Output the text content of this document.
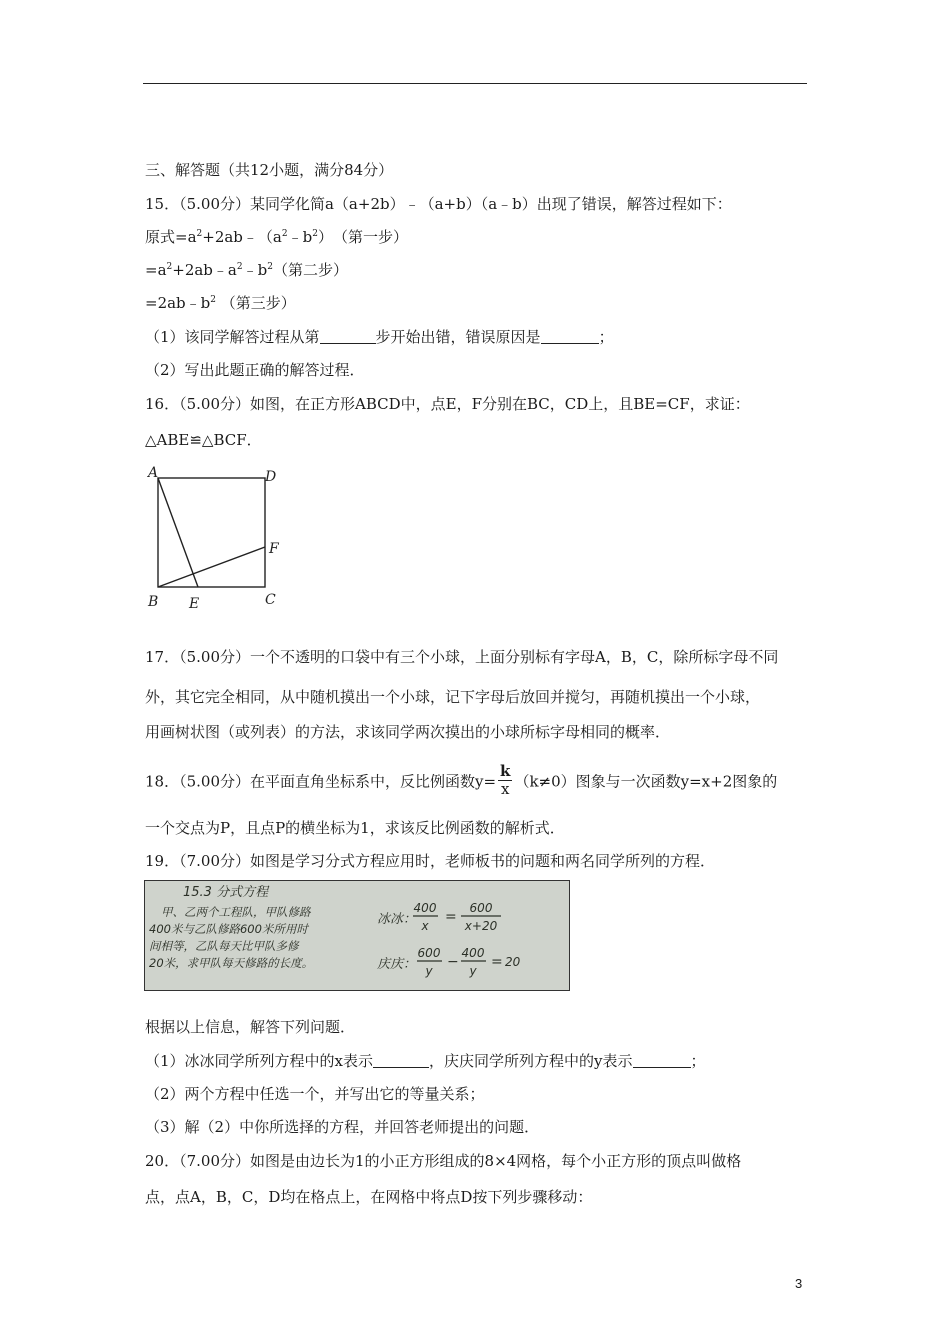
三、解答题（共12小题，满分84分）
15．（5.00分）某同学化简a（a+2b）﹣（a+b）（a﹣b）出现了错误，解答过程如下：
原式$=a^2+2ab﹣(a^2﹣b^2)$　（第一步）
$=a^2+2ab﹣a^2﹣b^2$（第二步）
$=2ab﹣b^2$ （第三步）
（1）该同学解答过程从第	步开始出错，错误原因是	；
（2）写出此题正确的解答过程．
16．（5.00分）如图，在正方形ABCD中，点E，F分别在BC，CD上，且BE=CF，求证：
△ABE≌△BCF．
A	D
F
B E	C
17．（5.00分）一个不透明的口袋中有三个小球，上面分别标有字母A，B，C，除所标字母不同
外，其它完全相同，从中随机摸出一个小球，记下字母后放回并搅匀，再随机摸出一个小球，
用画树状图（或列表）的方法，求该同学两次摸出的小球所标字母相同的概率．
18．（5.00分）在平面直角坐标系中，反比例函数$y= \frac{k}{x} (k\ne 0)$图象与一次函数y=x+2图象的
一个交点为P，且点P的横坐标为1，求该反比例函数的解析式．
19．（7.00分）如图是学习分式方程应用时，老师板书的问题和两名同学所列的方程．
15.3 分式方程
甲、乙两个工程队，甲队修路
400米与乙队修路600米所用时
间相等，乙队每天比甲队多修
20米，求甲队每天修路的长度。
冰冰：
400
x
=
600
x+20
庆庆：
600
y
−
400
y
= 20
根据以上信息，解答下列问题．
（1）冰冰同学所列方程中的x表示	，庆庆同学所列方程中的y表示	；
（2）两个方程中任选一个，并写出它的等量关系；
（3）解（2）中你所选择的方程，并回答老师提出的问题．
20．（7.00分）如图是由边长为1的小正方形组成的8×4网格，每个小正方形的顶点叫做格
点，点A，B，C，D均在格点上，在网格中将点D按下列步骤移动：
3
